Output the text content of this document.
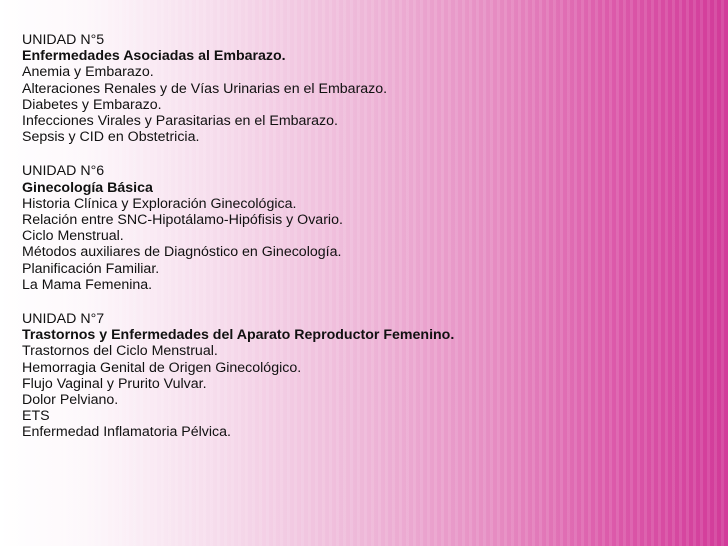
UNIDAD N°5
Enfermedades Asociadas al Embarazo.
Anemia y Embarazo.
Alteraciones Renales y de Vías Urinarias en el Embarazo.
Diabetes y Embarazo.
Infecciones Virales y Parasitarias en el Embarazo.
Sepsis y CID en Obstetricia.
UNIDAD N°6
Ginecología Básica
Historia Clínica y Exploración Ginecológica.
Relación entre SNC-Hipotálamo-Hipófisis y Ovario.
Ciclo Menstrual.
Métodos auxiliares de Diagnóstico en Ginecología.
Planificación Familiar.
La Mama Femenina.
UNIDAD N°7
Trastornos y Enfermedades del Aparato Reproductor Femenino.
Trastornos del Ciclo Menstrual.
Hemorragia Genital de Origen Ginecológico.
Flujo Vaginal y Prurito Vulvar.
Dolor Pelviano.
ETS
Enfermedad Inflamatoria Pélvica.
